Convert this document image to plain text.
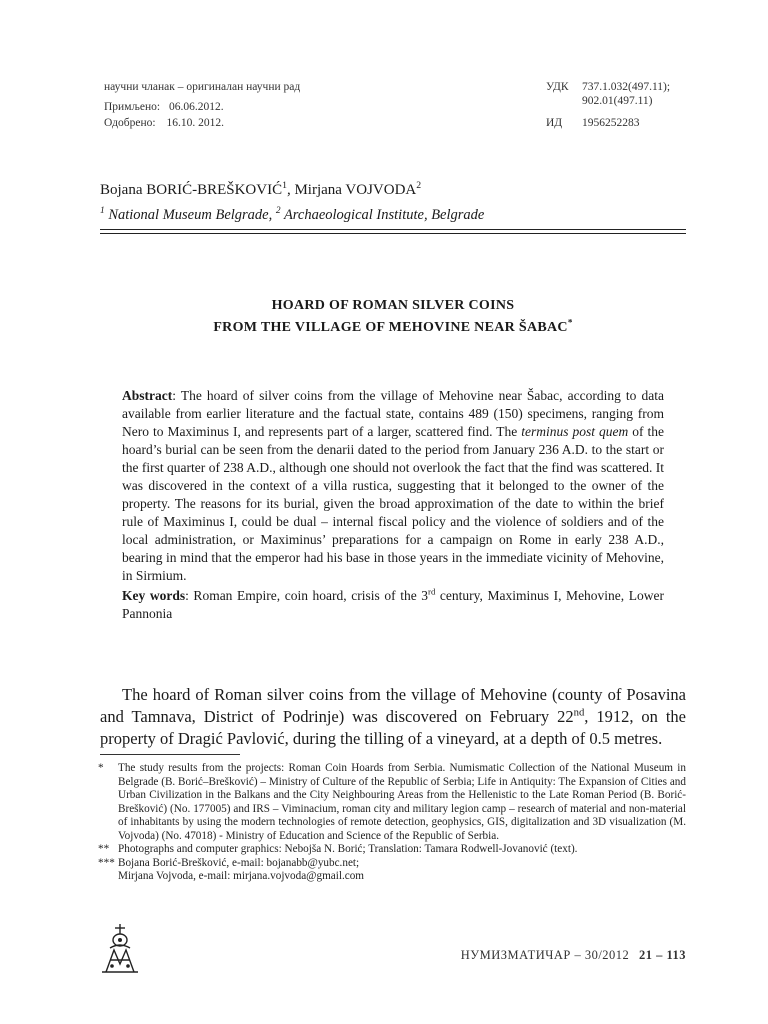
научни чланак – оригиналан научни рад
Примљено: 06.06.2012.
Одобрено: 16.10. 2012.
УДК 737.1.032(497.11);
902.01(497.11)
ИД 1956252283
Bojana BORIĆ-BREŠKOVIĆ$^1$, Mirjana VOJVODA$^2$
$^1$ National Museum Belgrade, $^2$ Archaeological Institute, Belgrade
HOARD OF ROMAN SILVER COINS
FROM THE VILLAGE OF MEHOVINE NEAR ŠABAC*

Abstract: The hoard of silver coins from the village of Mehovine near Šabac, according to data available from earlier literature and the factual state, contains 489 (150) specimens, ranging from Nero to Maximinus I, and represents part of a larger, scattered find. The terminus post quem of the hoard’s burial can be seen from the denarii dated to the period from January 236 A.D. to the start or the first quarter of 238 A.D., although one should not overlook the fact that the find was scattered. It was discovered in the context of a villa rustica, suggesting that it belonged to the owner of the property. The reasons for its burial, given the broad approximation of the date to within the brief rule of Maximinus I, could be dual – internal fiscal policy and the violence of soldiers and of the local administration, or Maximinus’ preparations for a campaign on Rome in early 238 A.D., bearing in mind that the emperor had his base in those years in the immediate vicinity of Mehovine, in Sirmium.

Key words: Roman Empire, coin hoard, crisis of the 3rd century, Maximinus I, Mehovine, Lower Pannonia

The hoard of Roman silver coins from the village of Mehovine (county of Posavina and Tamnava, District of Podrinje) was discovered on February 22nd, 1912, on the property of Dragić Pavlović, during the tilling of a vineyard, at a depth of 0.5 metres.
*	The study results from the projects: Roman Coin Hoards from Serbia. Numismatic Collection of the National Museum in Belgrade (B. Borić–Brešković) – Ministry of Culture of the Republic of Serbia; Life in Antiquity: The Expansion of Cities and Urban Civilization in the Balkans and the City Neighbouring Areas from the Hellenistic to the Late Roman Period (B. Borić-Brešković) (No. 177005) and IRS – Viminacium, roman city and military legion camp – research of material and non-material of inhabitants by using the modern technologies of remote detection, geophysics, GIS, digitalization and 3D visualization (M. Vojvoda) (No. 47018) - Ministry of Education and Science of the Republic of Serbia.
** Photographs and computer graphics: Nebojša N. Borić; Translation: Tamara Rodwell-Jovanović (text).
*** Bojana Borić-Brešković, e-mail: bojanabb@yubc.net;
Mirjana Vojvoda, e-mail: mirjana.vojvoda@gmail.com
НУМИЗМАТИЧАР – 30/2012 21 – 113
